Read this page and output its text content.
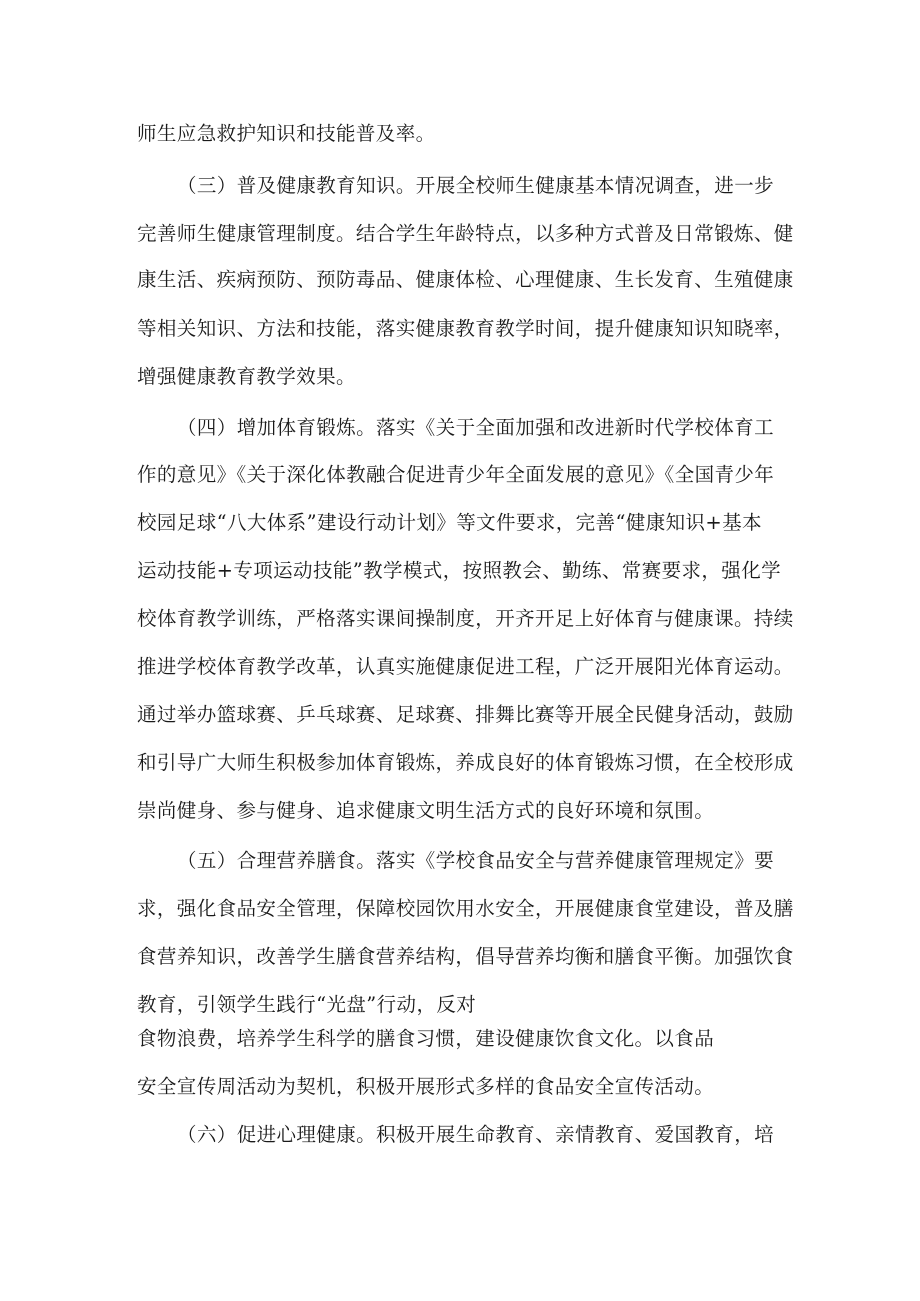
师生应急救护知识和技能普及率。
（三）普及健康教育知识。开展全校师生健康基本情况调查，进一步
完善师生健康管理制度。结合学生年龄特点，以多种方式普及日常锻炼、健
康生活、疾病预防、预防毒品、健康体检、心理健康、生长发育、生殖健康
等相关知识、方法和技能，落实健康教育教学时间，提升健康知识知晓率，
增强健康教育教学效果。
（四）增加体育锻炼。落实《关于全面加强和改进新时代学校体育工
作的意见》《关于深化体教融合促进青少年全面发展的意见》《全国青少年
校园足球“八大体系”建设行动计划》等文件要求，完善“健康知识+基本
运动技能+专项运动技能”教学模式，按照教会、勤练、常赛要求，强化学
校体育教学训练，严格落实课间操制度，开齐开足上好体育与健康课。持续
推进学校体育教学改革，认真实施健康促进工程，广泛开展阳光体育运动。
通过举办篮球赛、乒乓球赛、足球赛、排舞比赛等开展全民健身活动，鼓励
和引导广大师生积极参加体育锻炼，养成良好的体育锻炼习惯，在全校形成
崇尚健身、参与健身、追求健康文明生活方式的良好环境和氛围。
（五）合理营养膳食。落实《学校食品安全与营养健康管理规定》要
求，强化食品安全管理，保障校园饮用水安全，开展健康食堂建设，普及膳
食营养知识，改善学生膳食营养结构，倡导营养均衡和膳食平衡。加强饮食
教育，引领学生践行“光盘”行动，反对
食物浪费，培养学生科学的膳食习惯，建设健康饮食文化。以食品
安全宣传周活动为契机，积极开展形式多样的食品安全宣传活动。
（六）促进心理健康。积极开展生命教育、亲情教育、爱国教育，培
